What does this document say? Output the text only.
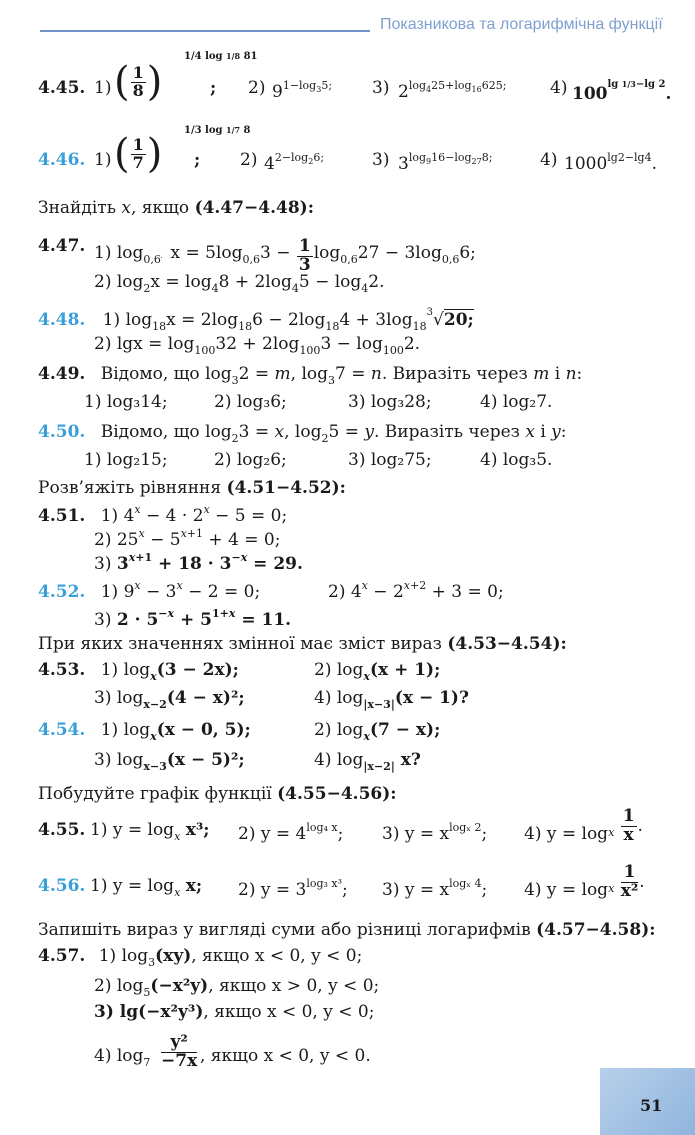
Показникова та логарифмічна функції
4.45. 1) ( $\frac{1}{8}$ )
1/4 log 1/8 81
; 2) $9^{1-log_35;}$ 3) $2^{log_425+log_{16}625;}$	4) $100^{lg 1/3-lg 2}$.
4.46. 1) ( $\frac{1}{7}$ )
1/3 log 1/7 8
; 2) $4^{2-log_26;}$	3) $3^{log_916-log_{27}8;}$	4) $1000^{lg2-lg4}$.
Знайдіть x, якщо (4.47−4.48):
4.47. 1) $\log_{0,6} x = 5\log_{0,6}3 - \frac{1}{3} \log_{0,6}27 - 3\log_{0,6}6$;
2) $\log_2x = \log_48 + 2\log_45 - \log_42$.
4.48. 1) $\log_{18}x = 2\log_{18}6 - 2\log_{18}4 + 3\log_{18}^3√20$;
2) $\lg x = \log_{100}32 + 2\log_{100}3 - \log_{100}2$.
4.49. Відомо, що $\log_32 = m$, $\log_37 = n$. Виразіть через m і n:
1) log₃14;	2) log₃6;	3) log₃28;	4) log₂7.
4.50. Відомо, що $\log_23 = x$, $\log_25 = y$. Виразіть через x і y:
1) log₂15;	2) log₂6;	3) log₂75;	4) log₃5.
Розв’яжіть рівняння (4.51−4.52):
4.51. 1) $4^x - 4 \cdot 2^x - 5 = 0$;
2) $25^x - 5^{x+1} + 4 = 0$;
3) $3^{x+1} + 18 \cdot 3^{-x} = 29$.
4.52. 1) $9^x - 3^x - 2 = 0$;	2) $4^x - 2^{x+2} + 3 = 0$;
3) $2 \cdot 5^{-x} + 5^{1+x} = 11$.
При яких значеннях змінної має зміст вираз (4.53−4.54):
4.53. 1) $\log_x(3 - 2x)$;	2) $\log_x(x + 1)$;
3) $\log_{x-2}(4 - x)^2$;	4) $\log_{|x-3|}(x - 1)$?
4.54. 1) $\log_x(x - 0$, 5);	2) $\log_x(7 - x)$;
3) $\log_{x-3}(x - 5)^2$;	4) $\log_{|x-2|} x$?
Побудуйте графік функції (4.55−4.56):
4.55. 1) $y = \log_x x^3$; 2) $y = 4^{log_4 x}$; 3) $y = x^{log_x 2}$; 4) $y = \log_x \frac{1}{x}$ .
4.56. 1) $y = \log_x x$; 2) $y = 3^{log_3 x^3}$; 3) $y = x^{log_x 4}$; 4) $y = \log_x \frac{1}{\text{x²}}$ .
Запишіть вираз у вигляді суми або різниці логарифмів (4.57−4.58):
4.57. 1) $\log_3(xy)$, якщо x < 0, y < 0;
2) $\log_5(-x^2y)$, якщо x > 0, y < 0;
3) lg(−x²y³), якщо x < 0, y < 0;
4) $\log_7 \frac{\text{y²}}{-7x}$ , якщо x < 0, y < 0.
51
